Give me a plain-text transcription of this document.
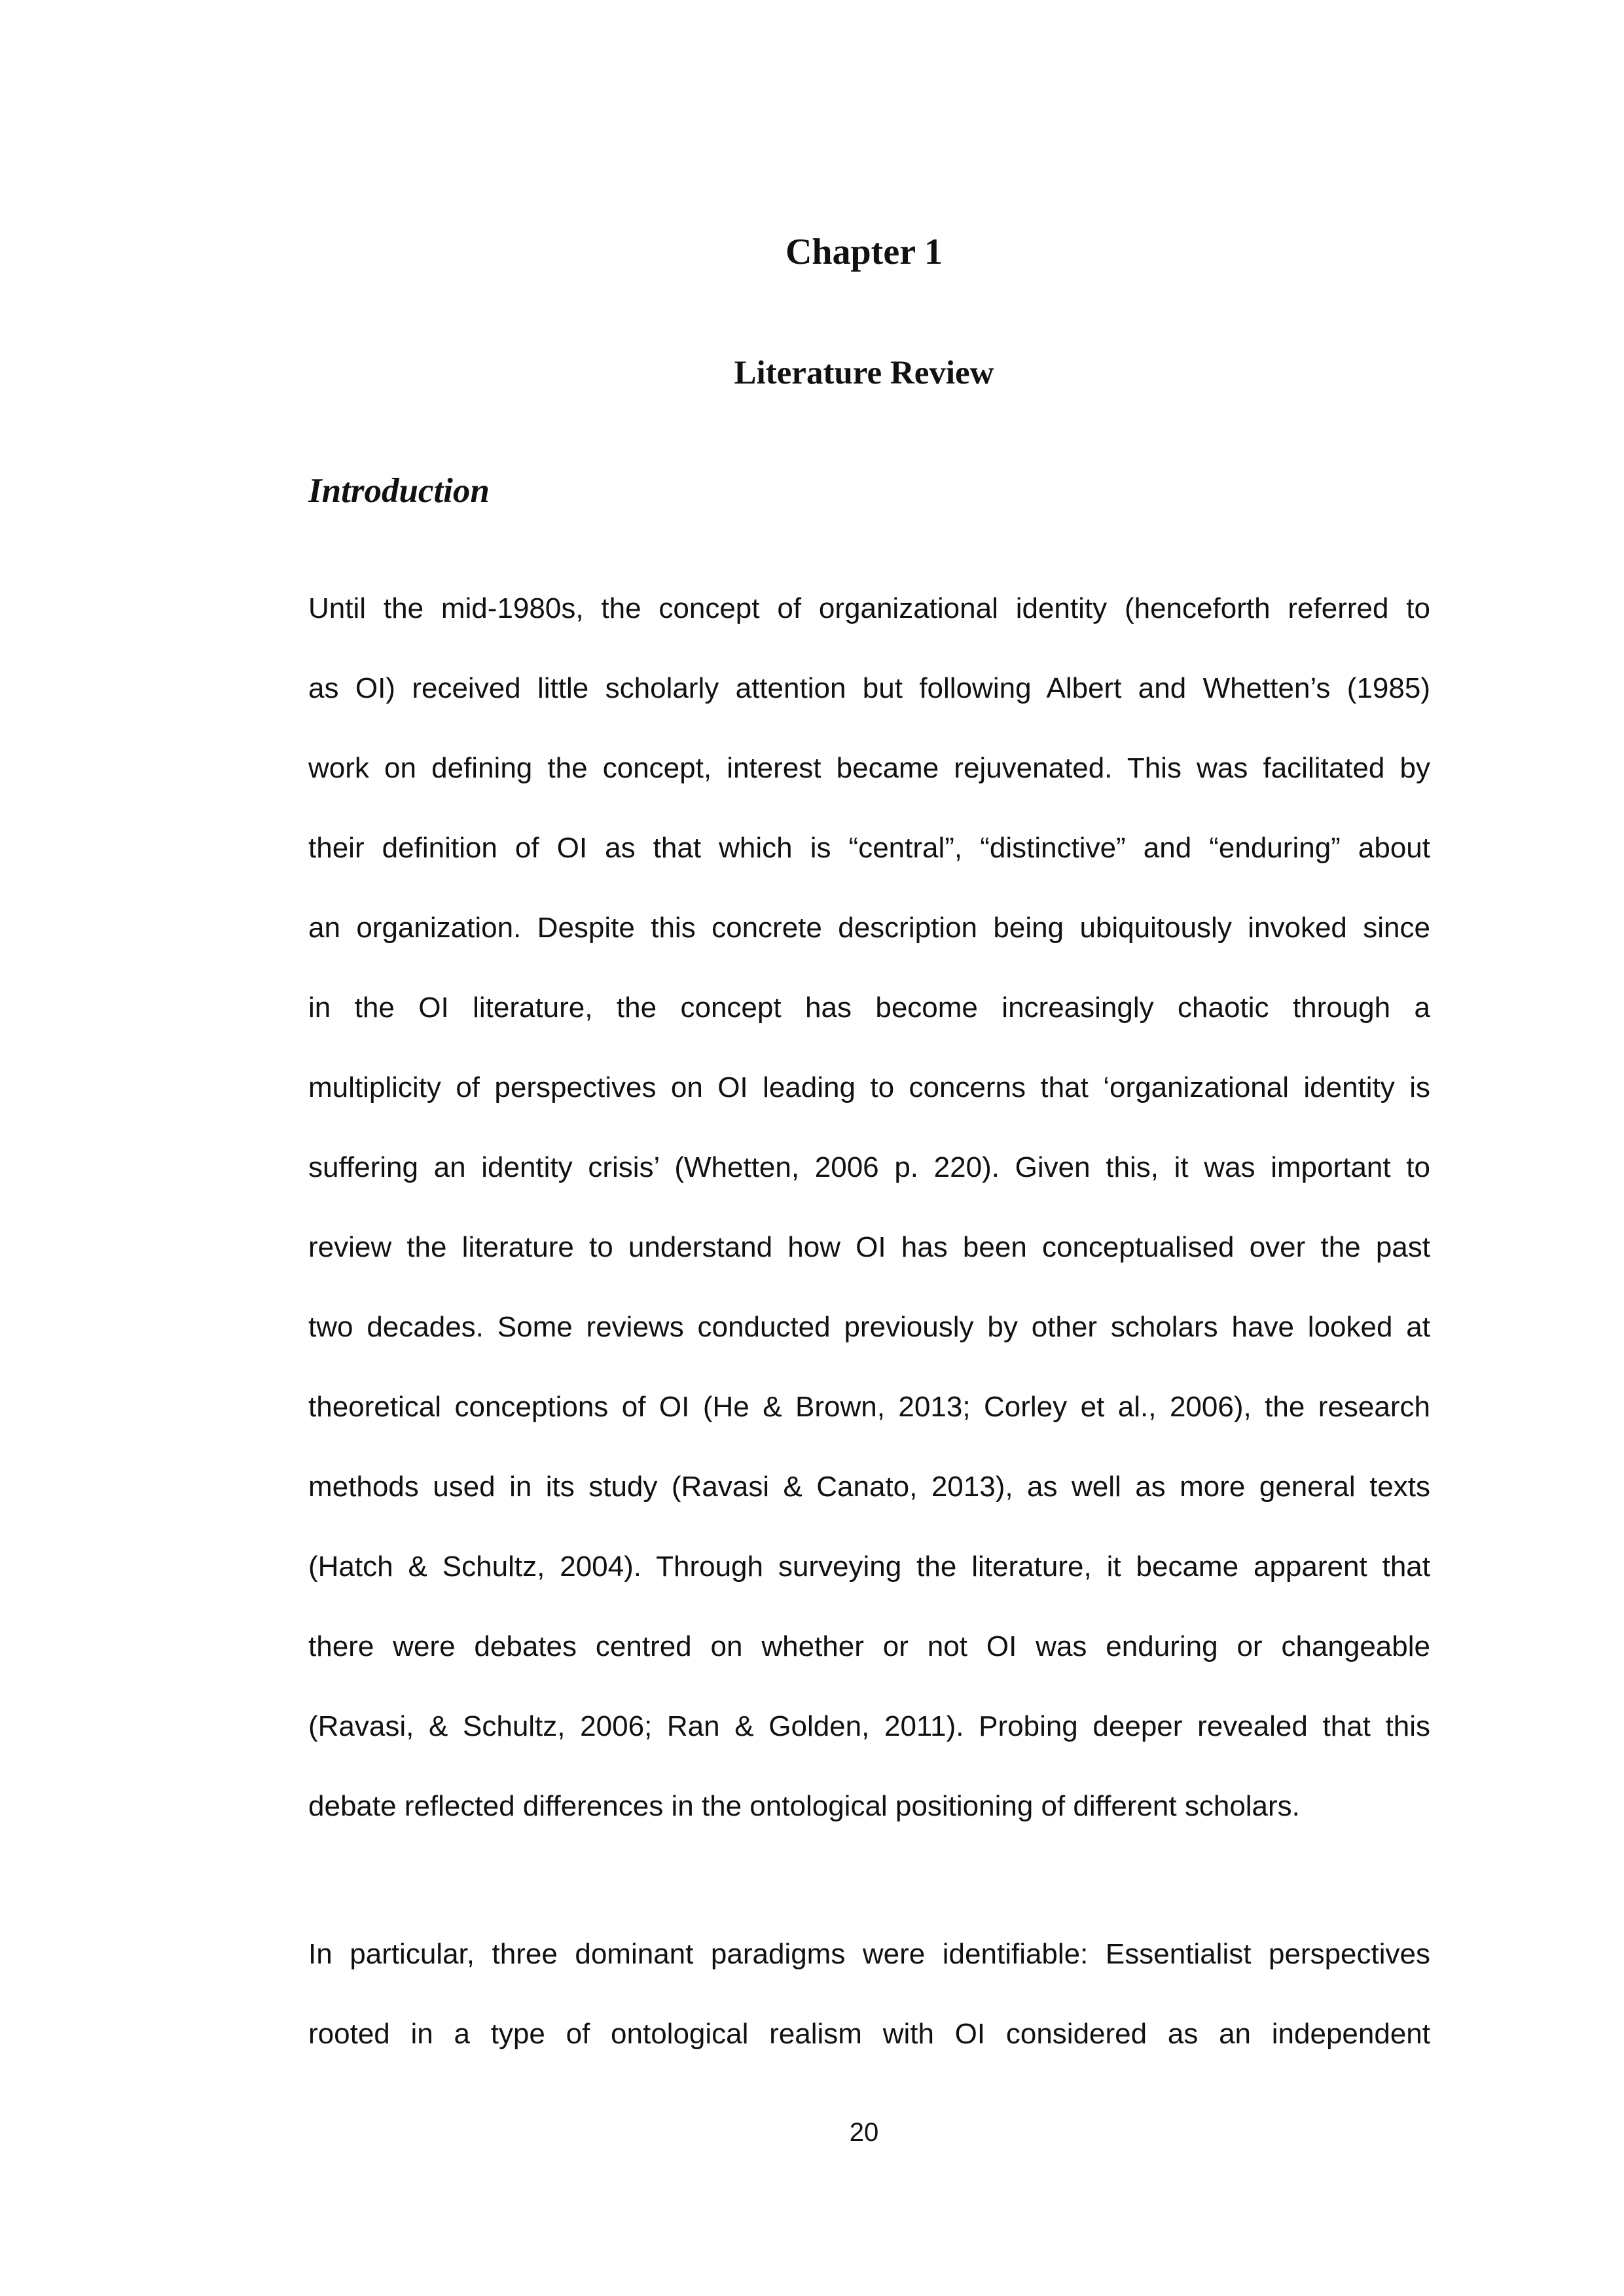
Chapter 1
Literature Review
Introduction
Until the mid-1980s, the concept of organizational identity (henceforth referred to
as OI) received little scholarly attention but following Albert and Whetten’s (1985)
work on defining the concept, interest became rejuvenated. This was facilitated by
their definition of OI as that which is “central”, “distinctive” and “enduring” about
an organization. Despite this concrete description being ubiquitously invoked since
in the OI literature, the concept has become increasingly chaotic through a
multiplicity of perspectives on OI leading to concerns that ‘organizational identity is
suffering an identity crisis’ (Whetten, 2006 p. 220). Given this, it was important to
review the literature to understand how OI has been conceptualised over the past
two decades. Some reviews conducted previously by other scholars have looked at
theoretical conceptions of OI (He & Brown, 2013; Corley et al., 2006), the research
methods used in its study (Ravasi & Canato, 2013), as well as more general texts
(Hatch & Schultz, 2004). Through surveying the literature, it became apparent that
there were debates centred on whether or not OI was enduring or changeable
(Ravasi, & Schultz, 2006; Ran & Golden, 2011). Probing deeper revealed that this
debate reflected differences in the ontological positioning of different scholars.
In particular, three dominant paradigms were identifiable: Essentialist perspectives
rooted in a type of ontological realism with OI considered as an independent
20
